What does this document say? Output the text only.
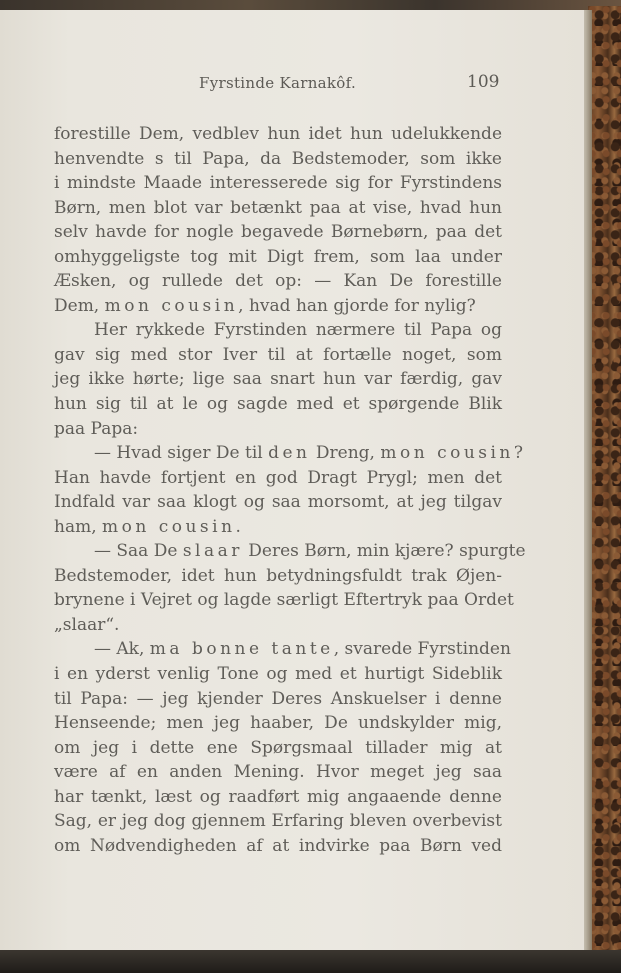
Fyrstinde Karnakôf.	109
forestille Dem, vedblev hun idet hun udelukkende
henvendte s til Papa, da Bedstemoder, som ikke
i mindste Maade interesserede sig for Fyrstindens
Børn, men blot var betænkt paa at vise, hvad hun
selv havde for nogle begavede Børnebørn, paa det
omhyggeligste tog mit Digt frem, som laa under
Æsken, og rullede det op: — Kan De forestille
Dem, mon cousin, hvad han gjorde for nylig?
Her rykkede Fyrstinden nærmere til Papa og
gav sig med stor Iver til at fortælle noget, som
jeg ikke hørte; lige saa snart hun var færdig, gav
hun sig til at le og sagde med et spørgende Blik
paa Papa:
— Hvad siger De til den Dreng, mon cousin?
Han havde fortjent en god Dragt Prygl; men det
Indfald var saa klogt og saa morsomt, at jeg tilgav
ham, mon cousin.
— Saa De slaar Deres Børn, min kjære? spurgte
Bedstemoder, idet hun betydningsfuldt trak Øjen-
brynene i Vejret og lagde særligt Eftertryk paa Ordet
„slaar“.
— Ak, ma bonne tante, svarede Fyrstinden
i en yderst venlig Tone og med et hurtigt Sideblik
til Papa: — jeg kjender Deres Anskuelser i denne
Henseende; men jeg haaber, De undskylder mig,
om jeg i dette ene Spørgsmaal tillader mig at
være af en anden Mening. Hvor meget jeg saa
har tænkt, læst og raadført mig angaaende denne
Sag, er jeg dog gjennem Erfaring bleven overbevist
om Nødvendigheden af at indvirke paa Børn ved
